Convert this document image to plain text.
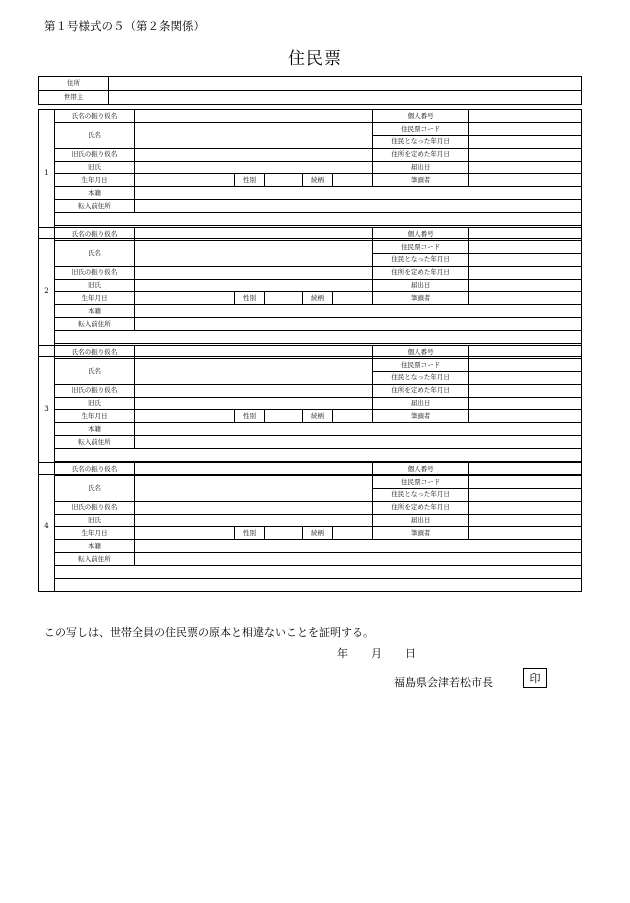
第１号様式の５（第２条関係）
住民票
住所	
世帯主	
1	氏名の振り仮名						個人番号	
	氏名						住民票コード	
							住民となった年月日	
	旧氏の振り仮名						住所を定めた年月日	
	旧氏						届出日	
	生年月日		性別		続柄		筆頭者	
	本籍							
	転入前住所							

2	氏名の振り仮名						個人番号	
	氏名						住民票コード	
							住民となった年月日	
	旧氏の振り仮名						住所を定めた年月日	
	旧氏						届出日	
	生年月日		性別		続柄		筆頭者	
	本籍							
	転入前住所							

3	氏名の振り仮名						個人番号	
	氏名						住民票コード	
							住民となった年月日	
	旧氏の振り仮名						住所を定めた年月日	
	旧氏						届出日	
	生年月日		性別		続柄		筆頭者	
	本籍							
	転入前住所							

4	氏名の振り仮名						個人番号	
	氏名						住民票コード	
							住民となった年月日	
	旧氏の振り仮名						住所を定めた年月日	
	旧氏						届出日	
	生年月日		性別		続柄		筆頭者	
	本籍							
	転入前住所							

この写しは、世帯全員の住民票の原本と相違ないことを証明する。
年 月 日
福島県会津若松市長	印
